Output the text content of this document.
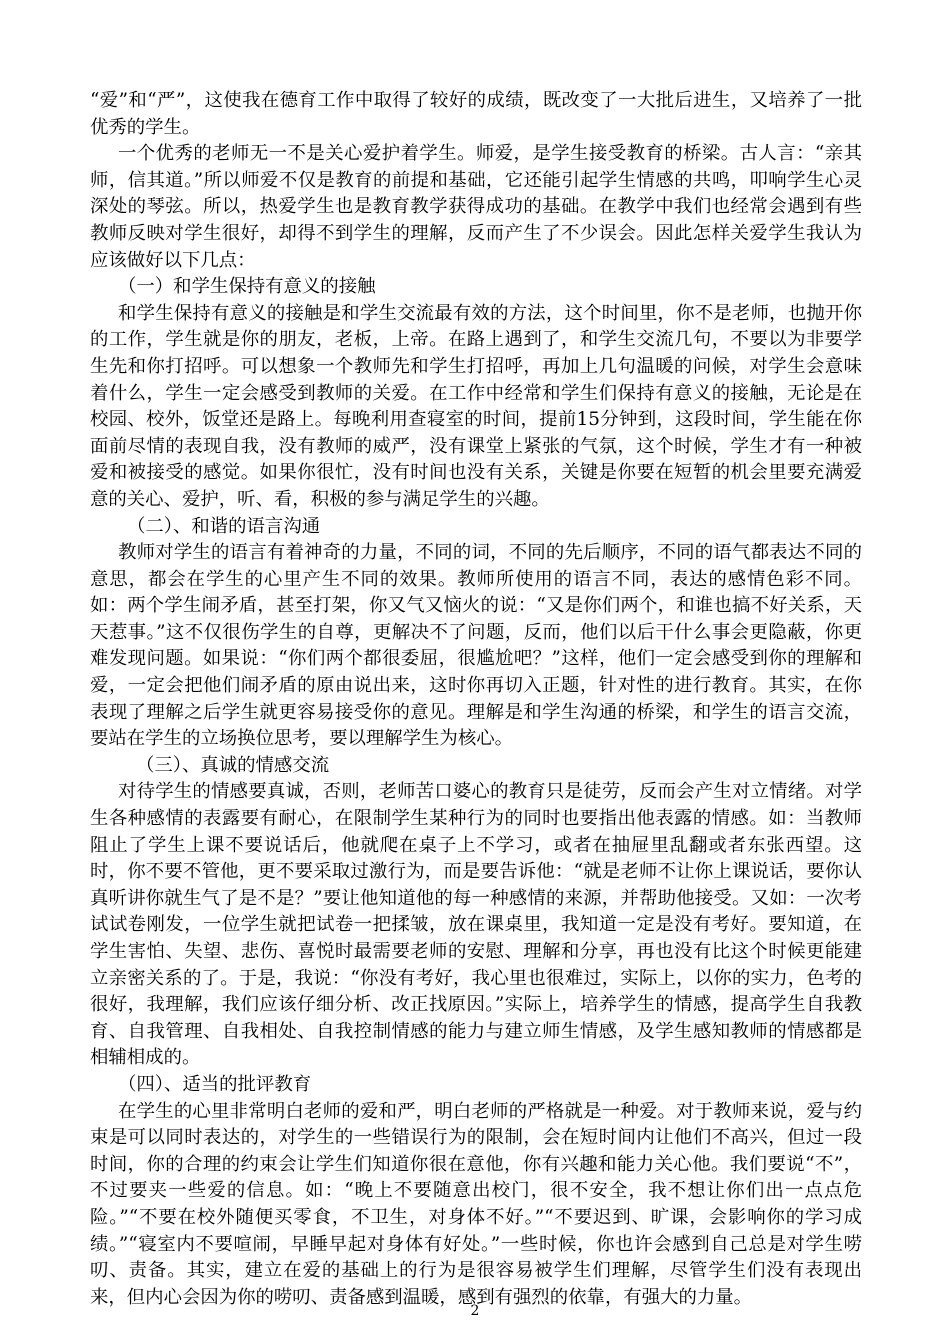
“爱”和“严”，这使我在德育工作中取得了较好的成绩，既改变了一大批后进生，又培养了一批优秀的学生。

一个优秀的老师无一不是关心爱护着学生。师爱，是学生接受教育的桥梁。古人言：“亲其师，信其道。”所以师爱不仅是教育的前提和基础，它还能引起学生情感的共鸣，叩响学生心灵深处的琴弦。所以，热爱学生也是教育教学获得成功的基础。在教学中我们也经常会遇到有些教师反映对学生很好，却得不到学生的理解，反而产生了不少误会。因此怎样关爱学生我认为应该做好以下几点：

（一）和学生保持有意义的接触

和学生保持有意义的接触是和学生交流最有效的方法，这个时间里，你不是老师，也抛开你的工作，学生就是你的朋友，老板，上帝。在路上遇到了，和学生交流几句，不要以为非要学生先和你打招呼。可以想象一个教师先和学生打招呼，再加上几句温暖的问候，对学生会意味着什么，学生一定会感受到教师的关爱。在工作中经常和学生们保持有意义的接触，无论是在校园、校外，饭堂还是路上。每晚利用查寝室的时间，提前15分钟到，这段时间，学生能在你面前尽情的表现自我，没有教师的威严，没有课堂上紧张的气氛，这个时候，学生才有一种被爱和被接受的感觉。如果你很忙，没有时间也没有关系，关键是你要在短暂的机会里要充满爱意的关心、爱护，听、看，积极的参与满足学生的兴趣。

（二）、和谐的语言沟通

教师对学生的语言有着神奇的力量，不同的词，不同的先后顺序，不同的语气都表达不同的意思，都会在学生的心里产生不同的效果。教师所使用的语言不同，表达的感情色彩不同。如：两个学生闹矛盾，甚至打架，你又气又恼火的说：“又是你们两个，和谁也搞不好关系，天天惹事。”这不仅很伤学生的自尊，更解决不了问题，反而，他们以后干什么事会更隐蔽，你更难发现问题。如果说：“你们两个都很委屈，很尴尬吧？”这样，他们一定会感受到你的理解和爱，一定会把他们闹矛盾的原由说出来，这时你再切入正题，针对性的进行教育。其实，在你表现了理解之后学生就更容易接受你的意见。理解是和学生沟通的桥梁，和学生的语言交流，要站在学生的立场换位思考，要以理解学生为核心。

（三）、真诚的情感交流

对待学生的情感要真诚，否则，老师苦口婆心的教育只是徒劳，反而会产生对立情绪。对学生各种感情的表露要有耐心，在限制学生某种行为的同时也要指出他表露的情感。如：当教师阻止了学生上课不要说话后，他就爬在桌子上不学习，或者在抽屉里乱翻或者东张西望。这时，你不要不管他，更不要采取过激行为，而是要告诉他：“就是老师不让你上课说话，要你认真听讲你就生气了是不是？”要让他知道他的每一种感情的来源，并帮助他接受。又如：一次考试试卷刚发，一位学生就把试卷一把揉皱，放在课桌里，我知道一定是没有考好。要知道，在学生害怕、失望、悲伤、喜悦时最需要老师的安慰、理解和分享，再也没有比这个时候更能建立亲密关系的了。于是，我说：“你没有考好，我心里也很难过，实际上，以你的实力，色考的很好，我理解，我们应该仔细分析、改正找原因。”实际上，培养学生的情感，提高学生自我教育、自我管理、自我相处、自我控制情感的能力与建立师生情感，及学生感知教师的情感都是相辅相成的。

（四）、适当的批评教育

在学生的心里非常明白老师的爱和严，明白老师的严格就是一种爱。对于教师来说，爱与约束是可以同时表达的，对学生的一些错误行为的限制，会在短时间内让他们不高兴，但过一段时间，你的合理的约束会让学生们知道你很在意他，你有兴趣和能力关心他。我们要说“不”，不过要夹一些爱的信息。如：“晚上不要随意出校门，很不安全，我不想让你们出一点点危险。”“不要在校外随便买零食，不卫生，对身体不好。”“不要迟到、旷课，会影响你的学习成绩。”“寝室内不要喧闹，早睡早起对身体有好处。”一些时候，你也许会感到自己总是对学生唠叨、责备。其实，建立在爱的基础上的行为是很容易被学生们理解，尽管学生们没有表现出来，但内心会因为你的唠叨、责备感到温暖，感到有强烈的依靠，有强大的力量。

2
